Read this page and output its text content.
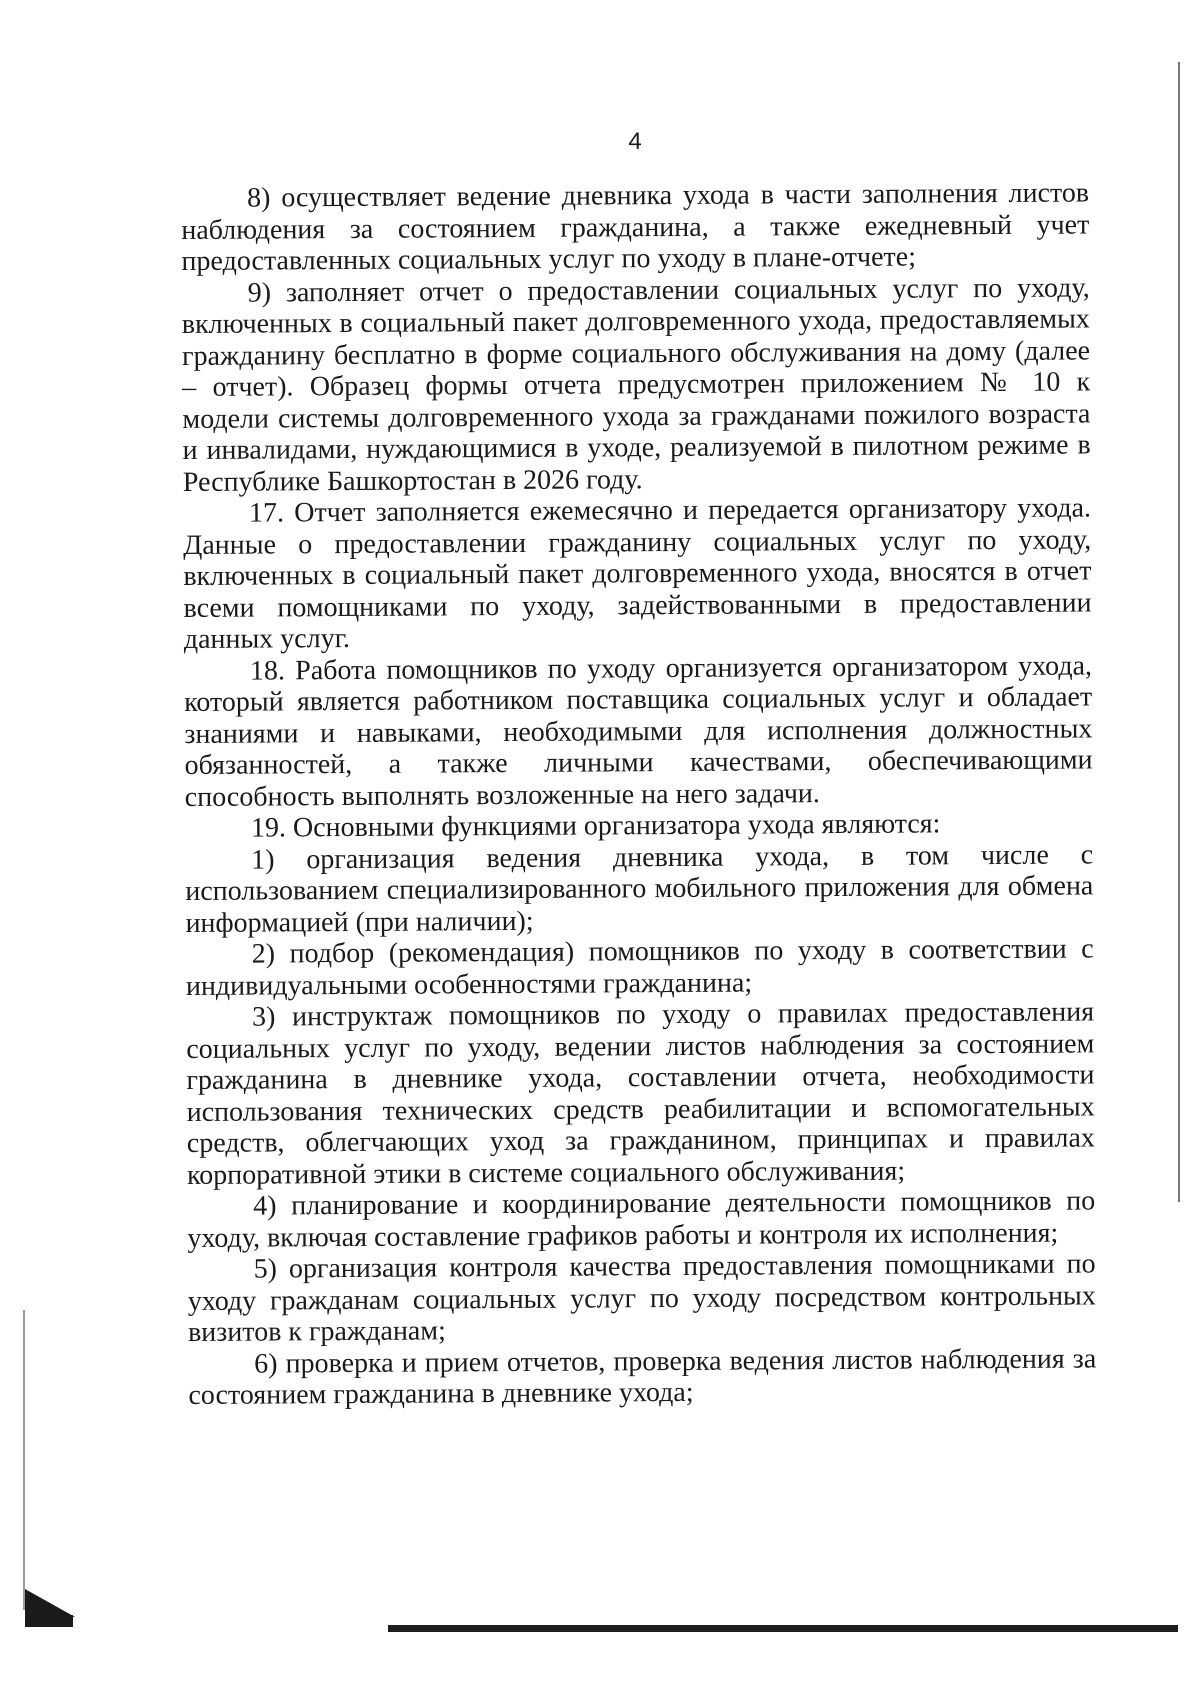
4

8) осуществляет ведение дневника ухода в части заполнения листов наблюдения за состоянием гражданина, а также ежедневный учет предоставленных социальных услуг по уходу в плане-отчете;

9) заполняет отчет о предоставлении социальных услуг по уходу, включенных в социальный пакет долговременного ухода, предоставляемых гражданину бесплатно в форме социального обслуживания на дому (далее – отчет). Образец формы отчета предусмотрен приложением № 10 к модели системы долговременного ухода за гражданами пожилого возраста и инвалидами, нуждающимися в уходе, реализуемой в пилотном режиме в Республике Башкортостан в 2026 году.

17. Отчет заполняется ежемесячно и передается организатору ухода. Данные о предоставлении гражданину социальных услуг по уходу, включенных в социальный пакет долговременного ухода, вносятся в отчет всеми помощниками по уходу, задействованными в предоставлении данных услуг.

18. Работа помощников по уходу организуется организатором ухода, который является работником поставщика социальных услуг и обладает знаниями и навыками, необходимыми для исполнения должностных обязанностей, а также личными качествами, обеспечивающими способность выполнять возложенные на него задачи.

19. Основными функциями организатора ухода являются:

1) организация ведения дневника ухода, в том числе с использованием специализированного мобильного приложения для обмена информацией (при наличии);

2) подбор (рекомендация) помощников по уходу в соответствии с индивидуальными особенностями гражданина;

3) инструктаж помощников по уходу о правилах предоставления социальных услуг по уходу, ведении листов наблюдения за состоянием гражданина в дневнике ухода, составлении отчета, необходимости использования технических средств реабилитации и вспомогательных средств, облегчающих уход за гражданином, принципах и правилах корпоративной этики в системе социального обслуживания;

4) планирование и координирование деятельности помощников по уходу, включая составление графиков работы и контроля их исполнения;

5) организация контроля качества предоставления помощниками по уходу гражданам социальных услуг по уходу посредством контрольных визитов к гражданам;

6) проверка и прием отчетов, проверка ведения листов наблюдения за состоянием гражданина в дневнике ухода;
